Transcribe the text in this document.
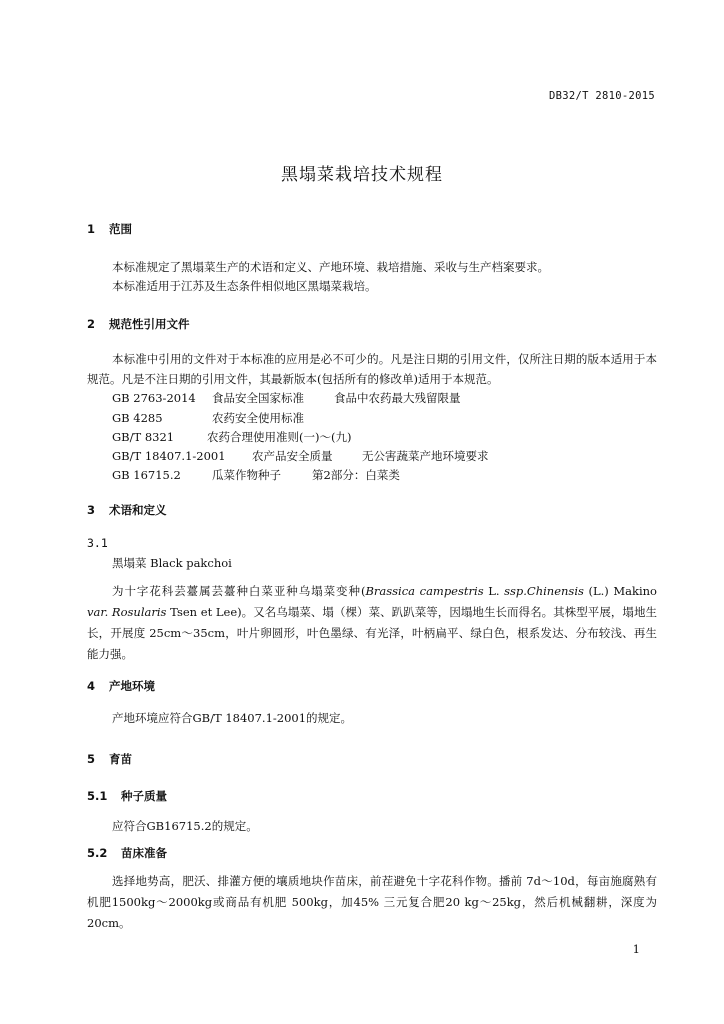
DB32/T 2810-2015
黑塌菜栽培技术规程
1 范围
本标准规定了黑塌菜生产的术语和定义、产地环境、栽培措施、采收与生产档案要求。
本标准适用于江苏及生态条件相似地区黑塌菜栽培。
2 规范性引用文件
本标准中引用的文件对于本标准的应用是必不可少的。凡是注日期的引用文件，仅所注日期的版本适用于本规范。凡是不注日期的引用文件，其最新版本(包括所有的修改单)适用于本规范。
GB 2763-2014 食品安全国家标准	食品中农药最大残留限量
GB 4285	农药安全使用标准
GB/T 8321	农药合理使用准则(一)～(九)
GB/T 18407.1-2001 农产品安全质量	无公害蔬菜产地环境要求
GB 16715.2	瓜菜作物种子	第2部分：白菜类
3 术语和定义
3.1
黑塌菜 Black pakchoi
为十字花科芸薹属芸薹种白菜亚种乌塌菜变种(Brassica campestris L. ssp.Chinensis (L.) Makino var. Rosularis Tsen et Lee)。又名乌塌菜、塌（棵）菜、趴趴菜等，因塌地生长而得名。其株型平展，塌地生长，开展度 25cm～35cm，叶片卵圆形，叶色墨绿、有光泽，叶柄扁平、绿白色，根系发达、分布较浅、再生能力强。
4 产地环境
产地环境应符合GB/T 18407.1-2001的规定。
5 育苗
5.1 种子质量
应符合GB16715.2的规定。
5.2 苗床准备
选择地势高，肥沃、排灌方便的壤质地块作苗床，前茬避免十字花科作物。播前 7d～10d，每亩施腐熟有机肥1500kg～2000kg或商品有机肥 500kg，加45% 三元复合肥20 kg～25kg，然后机械翻耕，深度为20cm。
1
